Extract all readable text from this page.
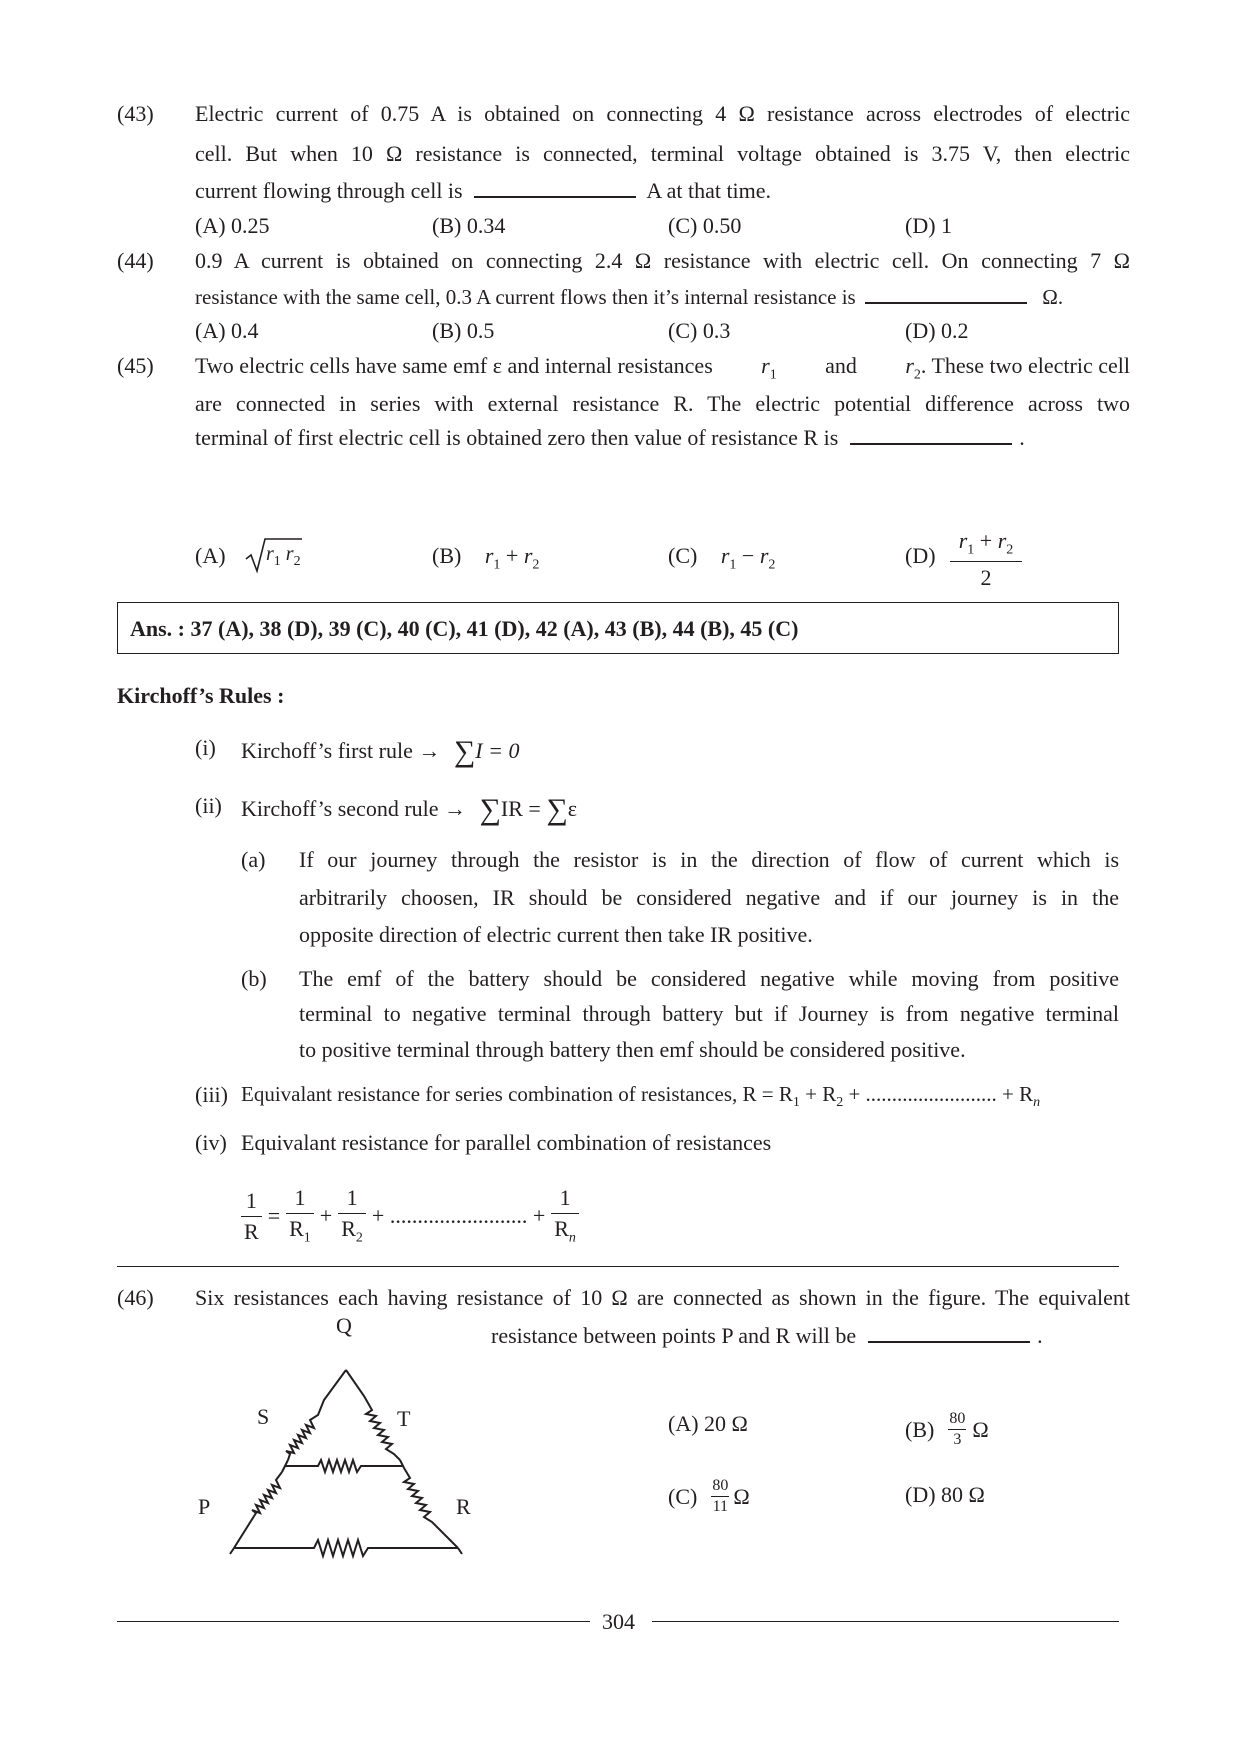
(43) Electric current of 0.75 A is obtained on connecting 4 Ω resistance across electrodes of electric
cell. But when 10 Ω resistance is connected, terminal voltage obtained is 3.75 V, then electric
current flowing through cell is	A at that time.
(A) 0.25	(B) 0.34	(C) 0.50	(D) 1
(44) 0.9 A current is obtained on connecting 2.4 Ω resistance with electric cell. On connecting 7 Ω
resistance with the same cell, 0.3 A current flows then it’s internal resistance is	Ω.
(A) 0.4	(B) 0.5	(C) 0.3	(D) 0.2
(45) Two electric cells have same emf ε and internal resistances $r_1$ and $r_2$. These two electric cell
are connected in series with external resistance R. The electric potential difference across two
terminal of first electric cell is obtained zero then value of resistance R is	.
(A) $r_1$ $r_2$	(B) $r_1 + r_2$	(C) $r_1 - r_2$	(D)
$r_1 + r_2$
2
Ans. : 37 (A), 38 (D), 39 (C), 40 (C), 41 (D), 42 (A), 43 (B), 44 (B), 45 (C)
Kirchoff’s Rules :
(i) Kirchoff’s first rule → ∑I = 0
(ii) Kirchoff’s second rule → ∑IR = ∑ε
(a) If our journey through the resistor is in the direction of flow of current which is
arbitrarily choosen, IR should be considered negative and if our journey is in the
opposite direction of electric current then take IR positive.
(b) The emf of the battery should be considered negative while moving from positive
terminal to negative terminal through battery but if Journey is from negative terminal
to positive terminal through battery then emf should be considered positive.
(iii) Equivalant resistance for series combination of resistances, $R = R_1 + R_2$ + ......................... + $R_n$
(iv) Equivalant resistance for parallel combination of resistances
$\frac{1}{R} = \frac{1}{R_1} + \frac{1}{R_2}$ + ......................... + $\frac{1}{R_n}$
(46) Six resistances each having resistance of 10 Ω are connected as shown in the figure. The equivalent
resistance between points P and R will be	.
Q
S	T
P	R
(A) 20 Ω	$(B) \frac{80}{3}$ Ω
$(C) \frac{80}{11}$ Ω	(D) 80 Ω
304
